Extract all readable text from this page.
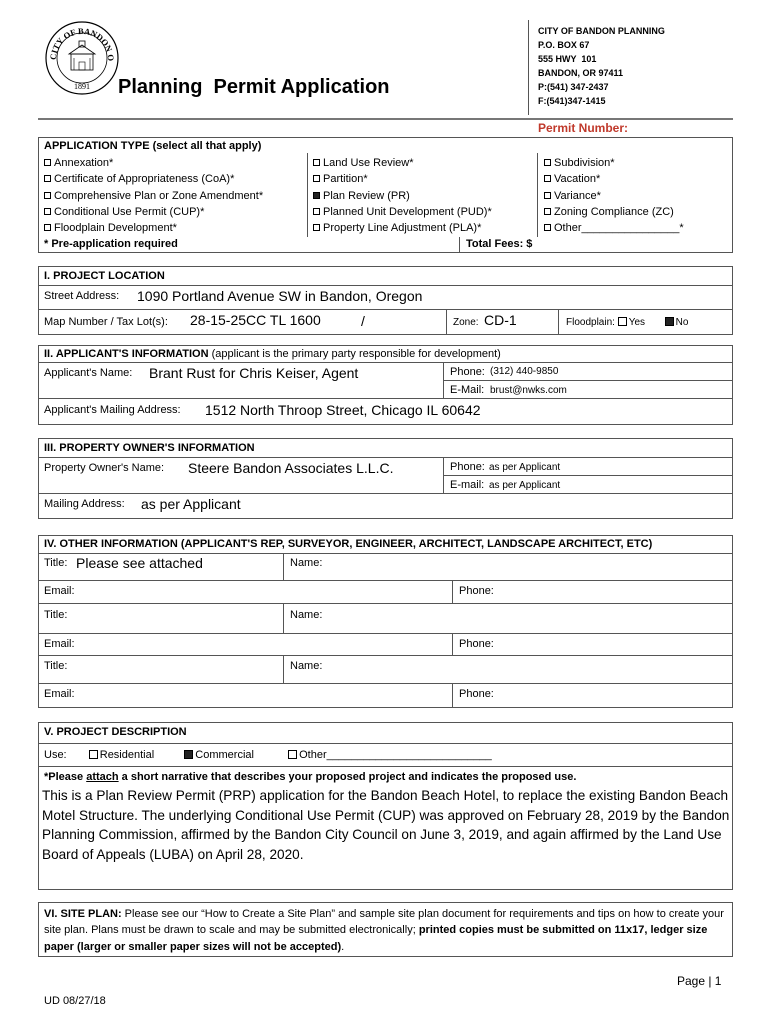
CITY OF BANDON O
1891 Planning  Permit Application
CITY OF BANDON PLANNING
P.O. BOX 67
555 HWY  101
BANDON, OR 97411
P:(541) 347-2437
F:(541)347-1415
Permit Number:
APPLICATION TYPE (select all that apply)
Annexation*
Certificate of Appropriateness (CoA)*
Comprehensive Plan or Zone Amendment*
Conditional Use Permit (CUP)*
Floodplain Development*
Land Use Review*
Partition*
Plan Review (PR)
Planned Unit Development (PUD)*
Property Line Adjustment (PLA)*
Subdivision*
Vacation*
Variance*
Zoning Compliance (ZC)
Other________________*
* Pre-application required	Total Fees: $
I. PROJECT LOCATION
Street Address: 1090 Portland Avenue SW in Bandon, Oregon
Map Number / Tax Lot(s): 28-15-25CC TL 1600	/	Zone: CD-1	Floodplain: Yes	No
II. APPLICANT'S INFORMATION (applicant is the primary party responsible for development)
Applicant's Name: Brant Rust for Chris Keiser, Agent	Phone: (312) 440-9850
E-Mail: brust@nwks.com
Applicant's Mailing Address: 1512 North Throop Street, Chicago IL 60642
III. PROPERTY OWNER'S INFORMATION
Property Owner's Name: Steere Bandon Associates L.L.C.	Phone: as per Applicant
E-mail: as per Applicant
Mailing Address: as per Applicant
IV. OTHER INFORMATION (APPLICANT'S REP, SURVEYOR, ENGINEER, ARCHITECT, LANDSCAPE ARCHITECT, ETC)
Title: Please see attached	Name:
Email:	Phone:
Title:	Name:
Email:	Phone:
Title:	Name:
Email:	Phone:
V. PROJECT DESCRIPTION
Use:	Residential	Commercial	Other___________________________
*Please attach a short narrative that describes your proposed project and indicates the proposed use.
This is a Plan Review Permit (PRP) application for the Bandon Beach Hotel, to replace the existing Bandon Beach Motel Structure. The underlying Conditional Use Permit (CUP) was approved on February 28, 2019 by the Bandon Planning Commission, affirmed by the Bandon City Council on June 3, 2019, and again affirmed by the Land Use Board of Appeals (LUBA) on April 28, 2020.
VI. SITE PLAN: Please see our “How to Create a Site Plan” and sample site plan document for requirements and tips on how to create your site plan. Plans must be drawn to scale and may be submitted electronically; printed copies must be submitted on 11x17, ledger size paper (larger or smaller paper sizes will not be accepted).
Page | 1
UD 08/27/18
